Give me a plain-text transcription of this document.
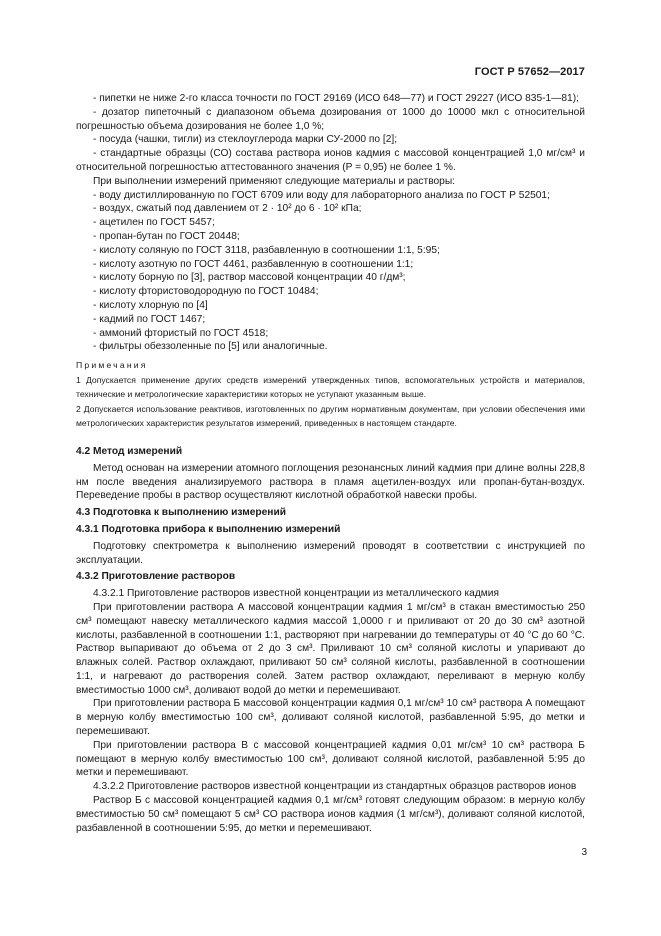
ГОСТ Р 57652—2017

- пипетки не ниже 2-го класса точности по ГОСТ 29169 (ИСО 648—77) и ГОСТ 29227 (ИСО 835-1—81);

- дозатор пипеточный с диапазоном объема дозирования от 1000 до 10000 мкл с относительной погрешностью объема дозирования не более 1,0 %;

- посуда (чашки, тигли) из стеклоуглерода марки СУ-2000 по [2];

- стандартные образцы (СО) состава раствора ионов кадмия с массовой концентрацией 1,0 мг/см³ и относительной погрешностью аттестованного значения (P = 0,95) не более 1 %.

При выполнении измерений применяют следующие материалы и растворы:

- воду дистиллированную по ГОСТ 6709 или воду для лабораторного анализа по ГОСТ Р 52501;

- воздух, сжатый под давлением от 2 · 10² до 6 · 10² кПа;

- ацетилен по ГОСТ 5457;

- пропан-бутан по ГОСТ 20448;

- кислоту соляную по ГОСТ 3118, разбавленную в соотношении 1:1, 5:95;

- кислоту азотную по ГОСТ 4461, разбавленную в соотношении 1:1;

- кислоту борную по [3], раствор массовой концентрации 40 г/дм³;

- кислоту фтористоводородную по ГОСТ 10484;

- кислоту хлорную по [4]

- кадмий по ГОСТ 1467;

- аммоний фтористый по ГОСТ 4518;

- фильтры обеззоленные по [5] или аналогичные.

Примечания

1 Допускается применение других средств измерений утвержденных типов, вспомогательных устройств и материалов, технические и метрологические характеристики которых не уступают указанным выше.

2 Допускается использование реактивов, изготовленных по другим нормативным документам, при условии обеспечения ими метрологических характеристик результатов измерений, приведенных в настоящем стандарте.

4.2 Метод измерений

Метод основан на измерении атомного поглощения резонансных линий кадмия при длине волны 228,8 нм после введения анализируемого раствора в пламя ацетилен-воздух или пропан-бутан-воздух. Переведение пробы в раствор осуществляют кислотной обработкой навески пробы.

4.3 Подготовка к выполнению измерений

4.3.1 Подготовка прибора к выполнению измерений

Подготовку спектрометра к выполнению измерений проводят в соответствии с инструкцией по эксплуатации.

4.3.2 Приготовление растворов

4.3.2.1 Приготовление растворов известной концентрации из металлического кадмия

При приготовлении раствора А массовой концентрации кадмия 1 мг/см³ в стакан вместимостью 250 см³ помещают навеску металлического кадмия массой 1,0000 г и приливают от 20 до 30 см³ азотной кислоты, разбавленной в соотношении 1:1, растворяют при нагревании до температуры от 40 °С до 60 °С. Раствор выпаривают до объема от 2 до 3 см³. Приливают 10 см³ соляной кислоты и упаривают до влажных солей. Раствор охлаждают, приливают 50 см³ соляной кислоты, разбавленной в соотношении 1:1, и нагревают до растворения солей. Затем раствор охлаждают, переливают в мерную колбу вместимостью 1000 см³, доливают водой до метки и перемешивают.

При приготовлении раствора Б массовой концентрации кадмия 0,1 мг/см³ 10 см³ раствора А помещают в мерную колбу вместимостью 100 см³, доливают соляной кислотой, разбавленной 5:95, до метки и перемешивают.

При приготовлении раствора В с массовой концентрацией кадмия 0,01 мг/см³ 10 см³ раствора Б помещают в мерную колбу вместимостью 100 см³, доливают соляной кислотой, разбавленной 5:95 до метки и перемешивают.

4.3.2.2 Приготовление растворов известной концентрации из стандартных образцов растворов ионов

Раствор Б с массовой концентрацией кадмия 0,1 мг/см³ готовят следующим образом: в мерную колбу вместимостью 50 см³ помещают 5 см³ СО раствора ионов кадмия (1 мг/см³), доливают соляной кислотой, разбавленной в соотношении 5:95, до метки и перемешивают.

3
